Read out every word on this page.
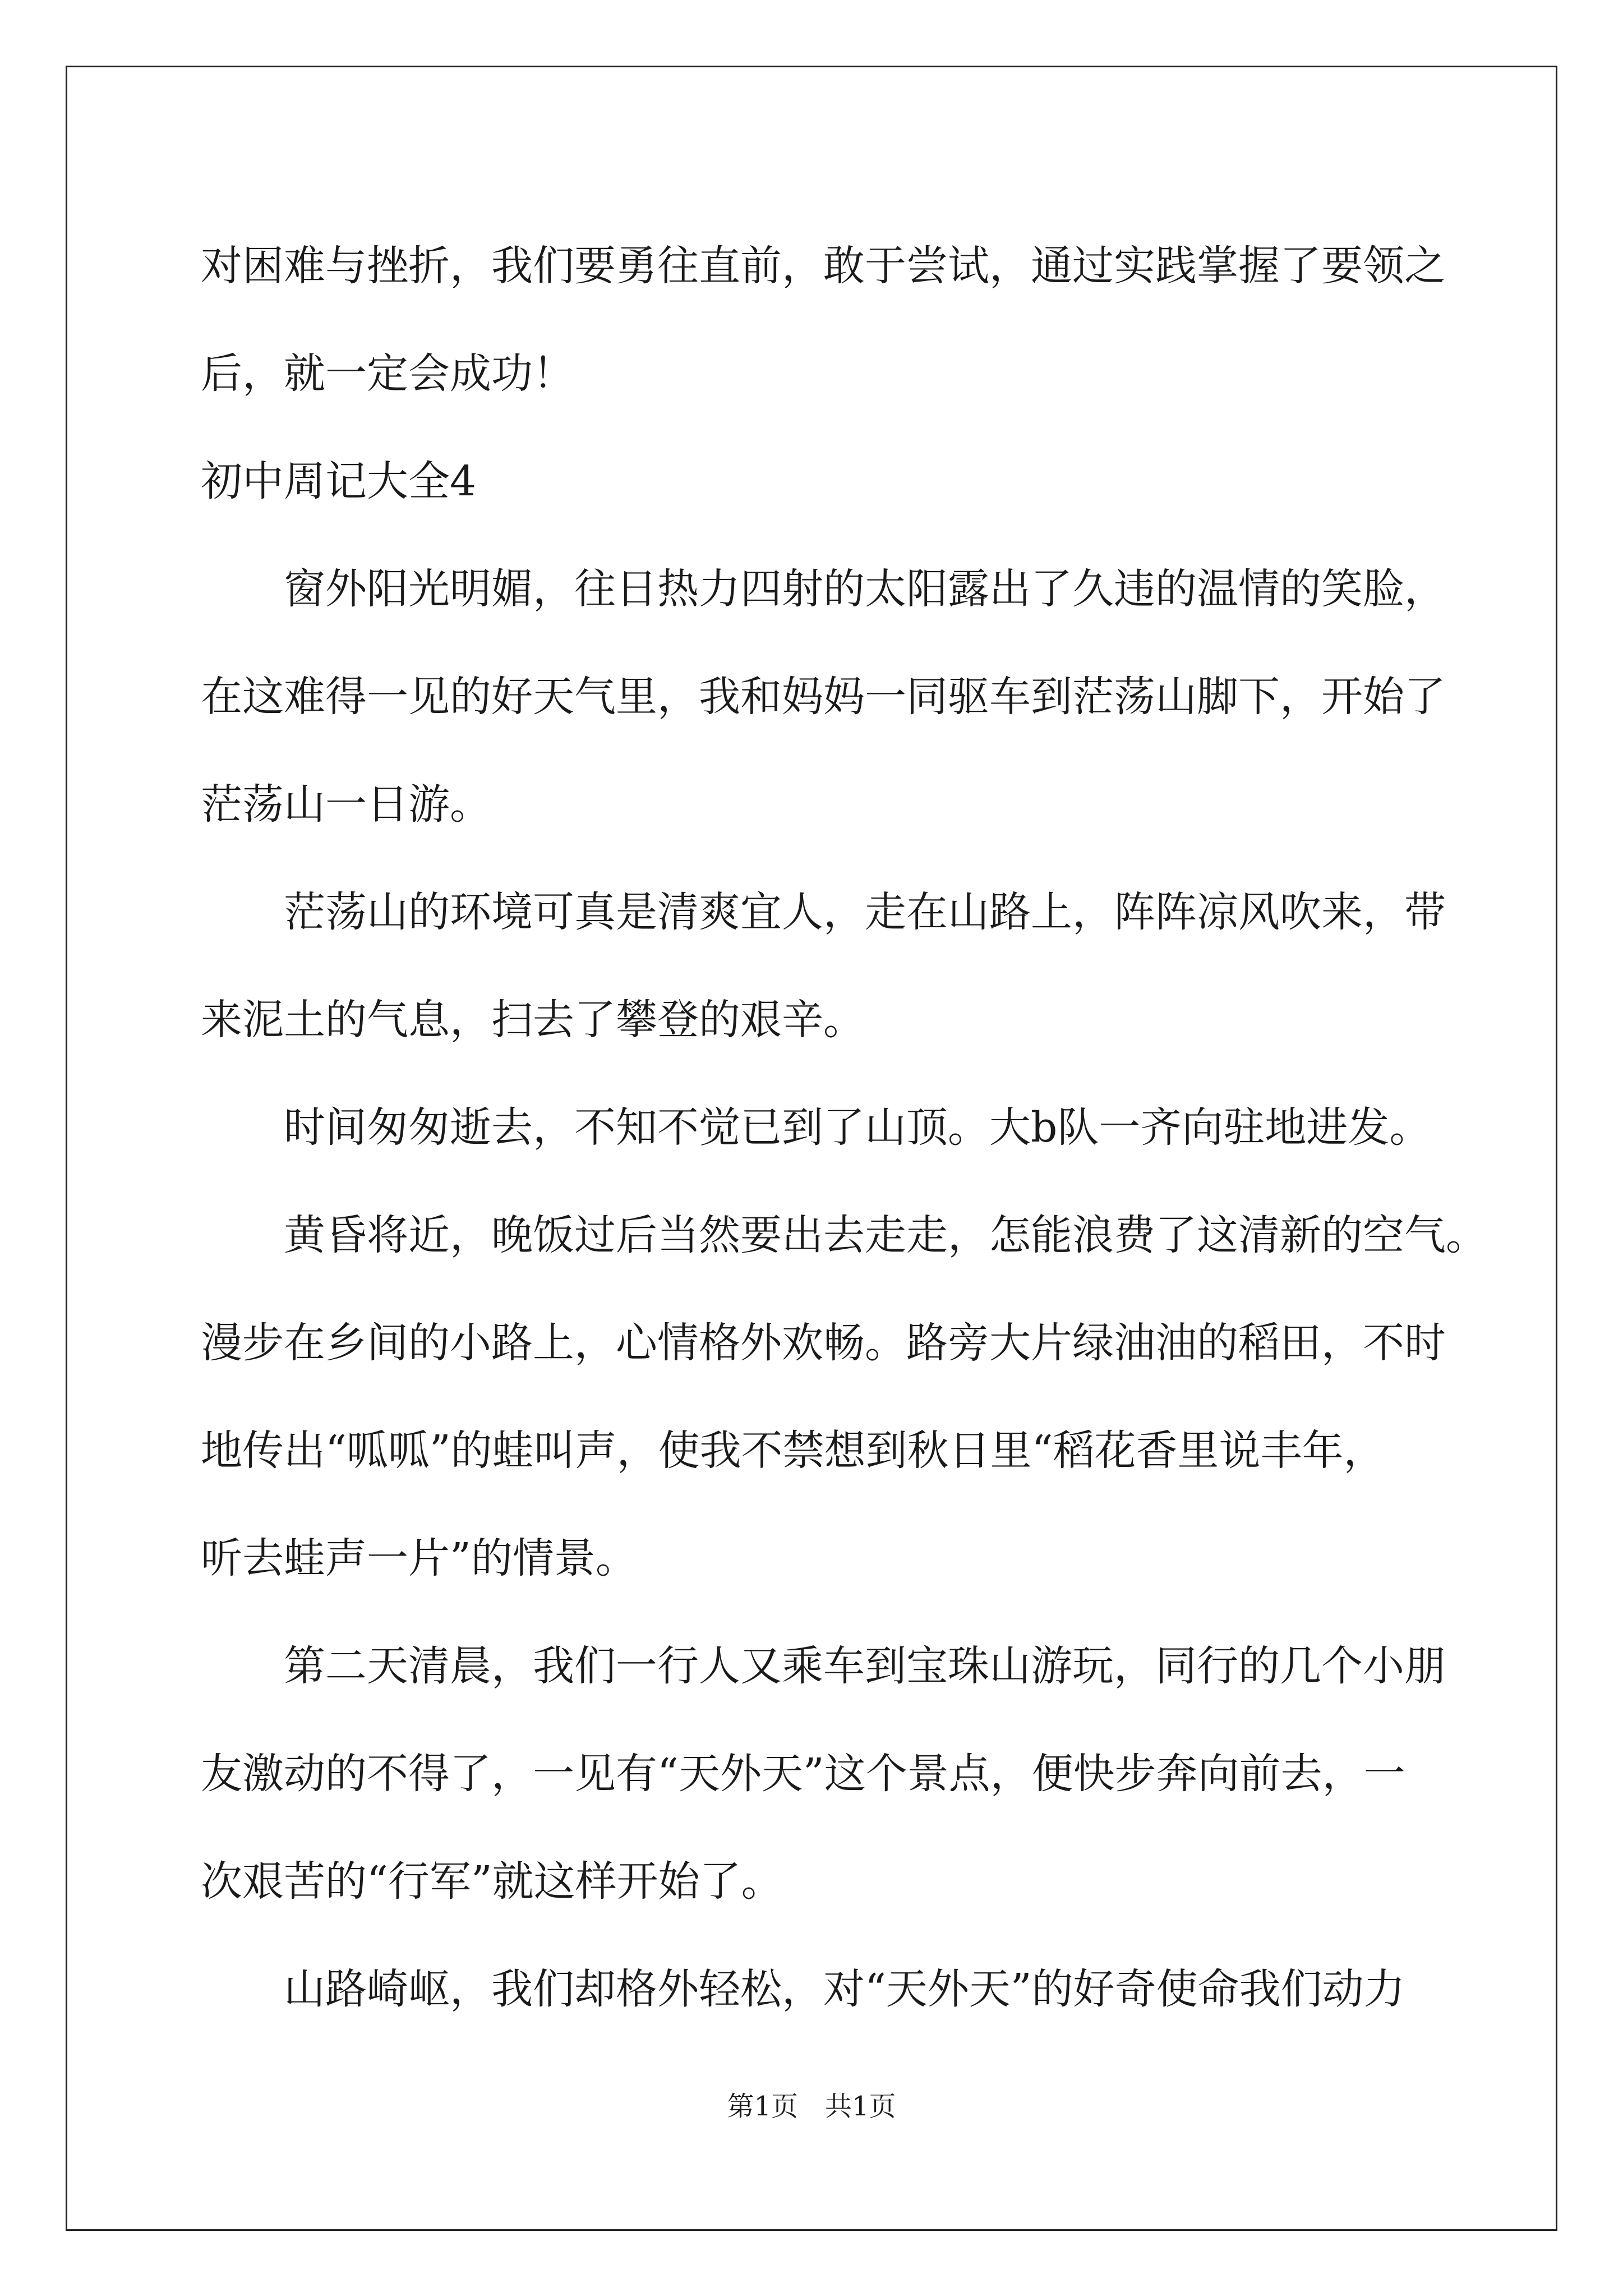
对困难与挫折，我们要勇往直前，敢于尝试，通过实践掌握了要领之
后，就一定会成功！
初中周记大全4
窗外阳光明媚，往日热力四射的太阳露出了久违的温情的笑脸，
在这难得一见的好天气里，我和妈妈一同驱车到茫荡山脚下，开始了
茫荡山一日游。
茫荡山的环境可真是清爽宜人，走在山路上，阵阵凉风吹来，带
来泥土的气息，扫去了攀登的艰辛。
时间匆匆逝去，不知不觉已到了山顶。大b队一齐向驻地进发。
黄昏将近，晚饭过后当然要出去走走，怎能浪费了这清新的空气。
漫步在乡间的小路上，心情格外欢畅。路旁大片绿油油的稻田，不时
地传出“呱呱”的蛙叫声，使我不禁想到秋日里“稻花香里说丰年，
听去蛙声一片”的情景。
第二天清晨，我们一行人又乘车到宝珠山游玩，同行的几个小朋
友激动的不得了，一见有“天外天”这个景点，便快步奔向前去，一
次艰苦的“行军”就这样开始了。
山路崎岖，我们却格外轻松，对“天外天”的好奇使命我们动力
第1页 共1页
